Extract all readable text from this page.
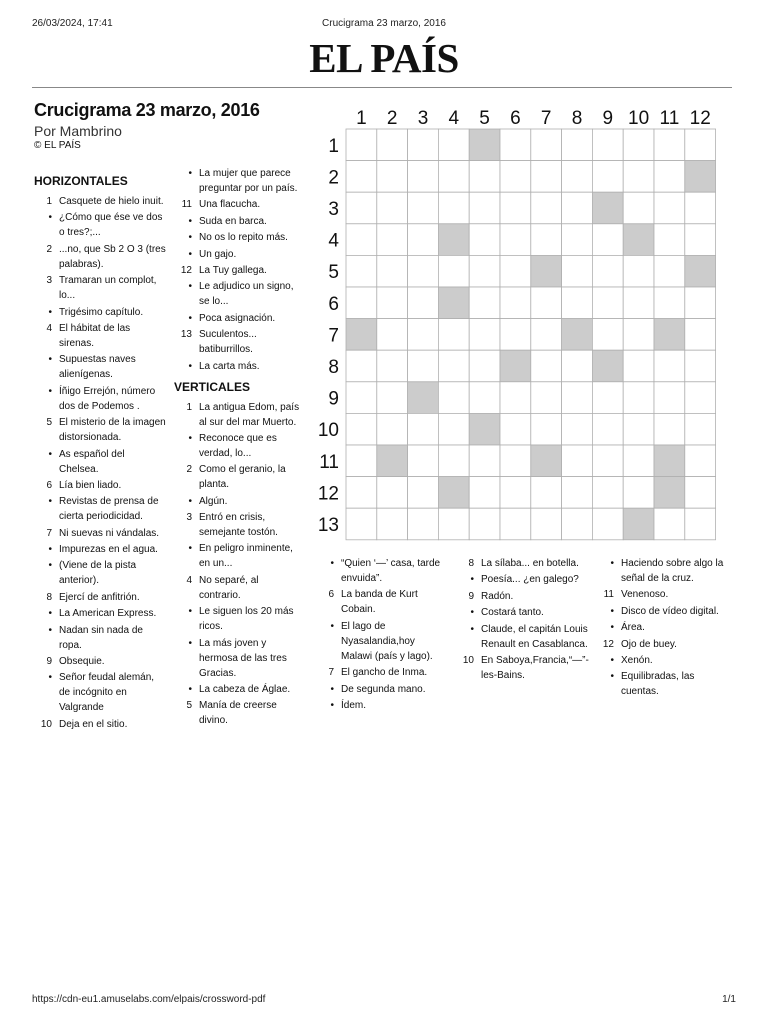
26/03/2024, 17:41	Crucigrama 23 marzo, 2016
EL PAÍS
Crucigrama 23 marzo, 2016
Por Mambrino
© EL PAÍS
HORIZONTALES
1 Casquete de hielo inuit.
• ¿Cómo que ése ve dos o tres?;...
2 ...no, que Sb 2 O 3 (tres palabras).
3 Tramaran un complot, lo...
• Trigésimo capítulo.
4 El hábitat de las sirenas.
• Supuestas naves alienígenas.
• Íñigo Errejón, número dos de Podemos .
5 El misterio de la imagen distorsionada.
• As español del Chelsea.
6 Lía bien liado.
• Revistas de prensa de cierta periodicidad.
7 Ni suevas ni vándalas.
• Impurezas en el agua.
• (Viene de la pista anterior).
8 Ejercí de anfitrión.
• La American Express.
• Nadan sin nada de ropa.
9 Obsequie.
• Señor feudal alemán, de incógnito en Valgrande
10 Deja en el sitio.
• La mujer que parece preguntar por un país.
11 Una flacucha.
• Suda en barca.
• No os lo repito más.
• Un gajo.
12 La Tuy gallega.
• Le adjudico un signo, se lo...
• Poca asignación.
13 Suculentos... batiburrillos.
• La carta más.
VERTICALES
1 La antigua Edom, país al sur del mar Muerto.
• Reconoce que es verdad, lo...
2 Como el geranio, la planta.
• Algún.
3 Entró en crisis, semejante tostón.
• En peligro inminente, en un...
4 No separé, al contrario.
• Le siguen los 20 más ricos.
• La más joven y hermosa de las tres Gracias.
• La cabeza de Áglae.
5 Manía de creerse divino.
1 2 3 4 5 6 7 8 9 10 11 12
1
2
3
4
5
6
7
8
9
10
11
12
13
• “Quien ‘—’ casa, tarde envuida”.
6 La banda de Kurt Cobain.
• El lago de Nyasalandia,hoy Malawi (país y lago).
7 El gancho de Inma.
• De segunda mano.
• Ídem.
8 La sílaba... en botella.
• Poesía... ¿en galego?
9 Radón.
• Costará tanto.
• Claude, el capitán Louis Renault en Casablanca.
10 En Saboya,Francia,“—”-les-Bains.
• Haciendo sobre algo la señal de la cruz.
11 Venenoso.
• Disco de vídeo digital.
• Área.
12 Ojo de buey.
• Xenón.
• Equilibradas, las cuentas.
https://cdn-eu1.amuselabs.com/elpais/crossword-pdf	1/1
